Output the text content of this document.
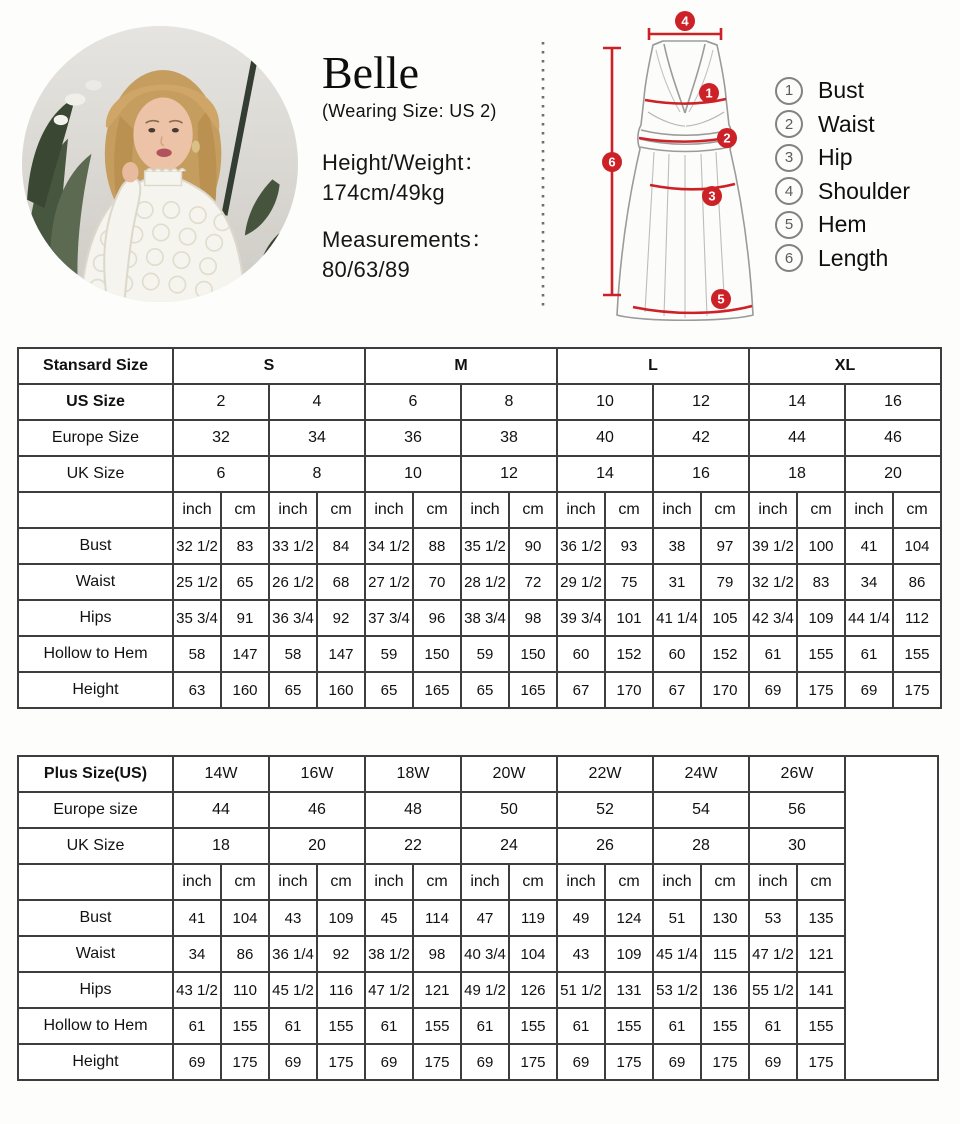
Belle
(Wearing Size: US 2)
Height/Weight：
174cm/49kg
Measurements：
80/63/89
1
2
3
4
5
6
1	Bust
2	Waist
3	Hip
4	Shoulder
5	Hem
6	Length
Stansard Size	S				M				L				XL			
US Size	2		4		6		8		10		12		14		16	
Europe Size	32		34		36		38		40		42		44		46	
UK Size	6		8		10		12		14		16		18		20	
	inch	cm	inch	cm	inch	cm	inch	cm	inch	cm	inch	cm	inch	cm	inch	cm
Bust	32 1/2	83	33 1/2	84	34 1/2	88	35 1/2	90	36 1/2	93	38	97	39 1/2	100	41	104
Waist	25 1/2	65	26 1/2	68	27 1/2	70	28 1/2	72	29 1/2	75	31	79	32 1/2	83	34	86
Hips	35 3/4	91	36 3/4	92	37 3/4	96	38 3/4	98	39 3/4	101	41 1/4	105	42 3/4	109	44 1/4	112
Hollow to Hem	58	147	58	147	59	150	59	150	60	152	60	152	61	155	61	155
Height	63	160	65	160	65	165	65	165	67	170	67	170	69	175	69	175
Plus Size(US)	14W		16W		18W		20W		22W		24W		26W		
Europe size	44		46		48		50		52		54		56		
UK Size	18		20		22		24		26		28		30		
	inch	cm	inch	cm	inch	cm	inch	cm	inch	cm	inch	cm	inch	cm	
Bust	41	104	43	109	45	114	47	119	49	124	51	130	53	135	
Waist	34	86	36 1/4	92	38 1/2	98	40 3/4	104	43	109	45 1/4	115	47 1/2	121	
Hips	43 1/2	110	45 1/2	116	47 1/2	121	49 1/2	126	51 1/2	131	53 1/2	136	55 1/2	141	
Hollow to Hem	61	155	61	155	61	155	61	155	61	155	61	155	61	155	
Height	69	175	69	175	69	175	69	175	69	175	69	175	69	175	
